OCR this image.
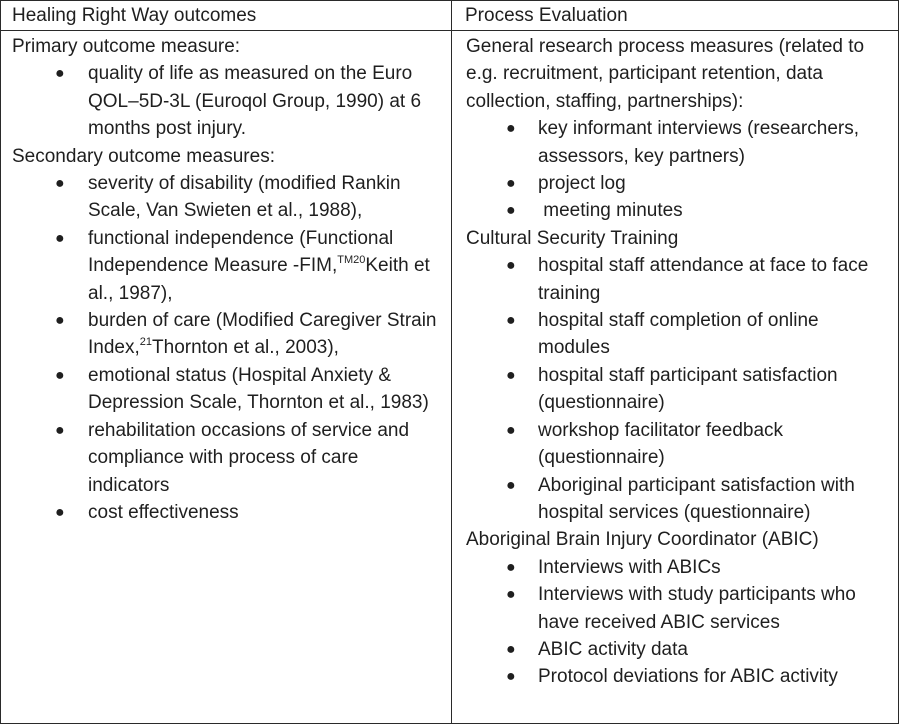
Healing Right Way outcomes	Process Evaluation
Primary outcome measure:
● quality of life as measured on the Euro QOL–5D-3L (Euroqol Group, 1990) at 6 months post injury.
Secondary outcome measures:
● severity of disability (modified Rankin Scale, Van Swieten et al., 1988),
● functional independence (Functional Independence Measure -FIM,$^{TM20}$Keith et al., 1987),
● burden of care (Modified Caregiver Strain Index,$^{21}$Thornton et al., 2003),
● emotional status (Hospital Anxiety & Depression Scale, Thornton et al., 1983)
● rehabilitation occasions of service and compliance with process of care indicators
● cost effectiveness
General research process measures (related to e.g. recruitment, participant retention, data collection, staffing, partnerships):
● key informant interviews (researchers, assessors, key partners)
● project log
● meeting minutes
Cultural Security Training
● hospital staff attendance at face to face training
● hospital staff completion of online modules
● hospital staff participant satisfaction (questionnaire)
● workshop facilitator feedback (questionnaire)
● Aboriginal participant satisfaction with hospital services (questionnaire)
Aboriginal Brain Injury Coordinator (ABIC)
● Interviews with ABICs
● Interviews with study participants who have received ABIC services
● ABIC activity data
● Protocol deviations for ABIC activity
